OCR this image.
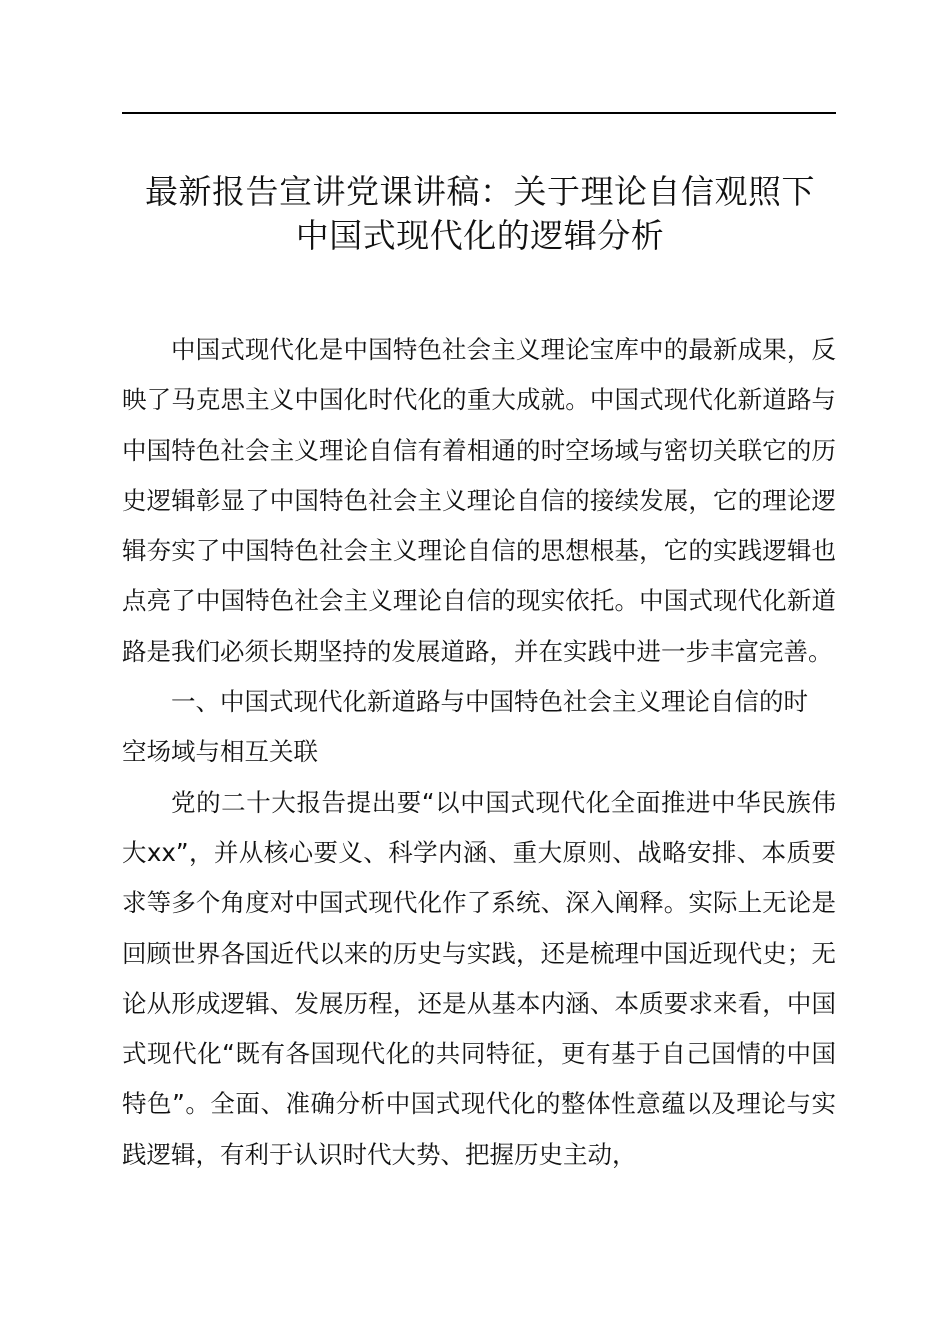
最新报告宣讲党课讲稿：关于理论自信观照下
中国式现代化的逻辑分析

中国式现代化是中国特色社会主义理论宝库中的最新成果，反映了马克思主义中国化时代化的重大成就。中国式现代化新道路与中国特色社会主义理论自信有着相通的时空场域与密切关联它的历史逻辑彰显了中国特色社会主义理论自信的接续发展，它的理论逻辑夯实了中国特色社会主义理论自信的思想根基，它的实践逻辑也点亮了中国特色社会主义理论自信的现实依托。中国式现代化新道路是我们必须长期坚持的发展道路，并在实践中进一步丰富完善。

一、中国式现代化新道路与中国特色社会主义理论自信的时空场域与相互关联

党的二十大报告提出要“以中国式现代化全面推进中华民族伟大xx”，并从核心要义、科学内涵、重大原则、战略安排、本质要求等多个角度对中国式现代化作了系统、深入阐释。实际上无论是回顾世界各国近代以来的历史与实践，还是梳理中国近现代史；无论从形成逻辑、发展历程，还是从基本内涵、本质要求来看，中国式现代化“既有各国现代化的共同特征，更有基于自己国情的中国特色”。全面、准确分析中国式现代化的整体性意蕴以及理论与实践逻辑，有利于认识时代大势、把握历史主动，
